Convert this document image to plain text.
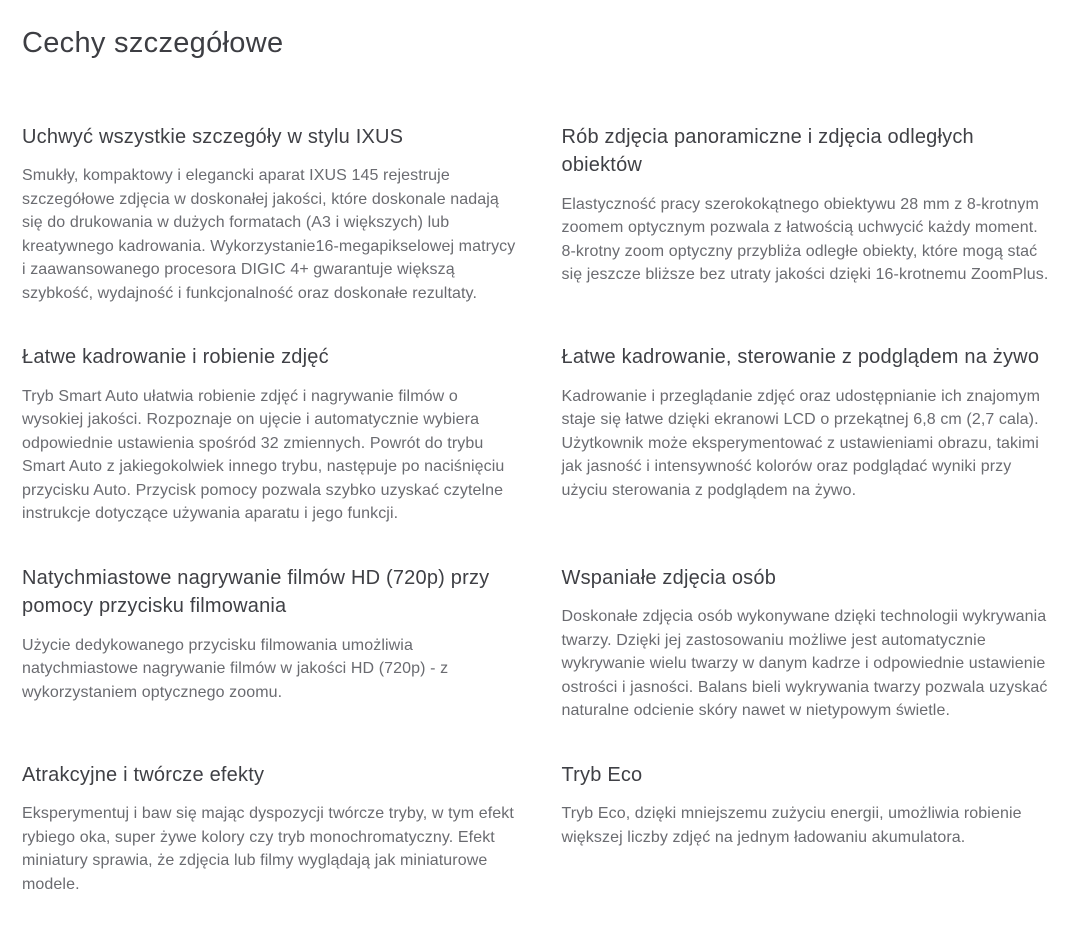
Cechy szczegółowe
Uchwyć wszystkie szczegóły w stylu IXUS

Smukły, kompaktowy i elegancki aparat IXUS 145 rejestruje szczegółowe zdjęcia w doskonałej jakości, które doskonale nadają się do drukowania w dużych formatach (A3 i większych) lub kreatywnego kadrowania. Wykorzystanie16-megapikselowej matrycy i zaawansowanego procesora DIGIC 4+ gwarantuje większą szybkość, wydajność i funkcjonalność oraz doskonałe rezultaty.

Rób zdjęcia panoramiczne i zdjęcia odległych obiektów

Elastyczność pracy szerokokątnego obiektywu 28 mm z 8-krotnym zoomem optycznym pozwala z łatwością uchwycić każdy moment. 8-krotny zoom optyczny przybliża odległe obiekty, które mogą stać się jeszcze bliższe bez utraty jakości dzięki 16-krotnemu ZoomPlus.

Łatwe kadrowanie i robienie zdjęć

Tryb Smart Auto ułatwia robienie zdjęć i nagrywanie filmów o wysokiej jakości. Rozpoznaje on ujęcie i automatycznie wybiera odpowiednie ustawienia spośród 32 zmiennych. Powrót do trybu Smart Auto z jakiegokolwiek innego trybu, następuje po naciśnięciu przycisku Auto. Przycisk pomocy pozwala szybko uzyskać czytelne instrukcje dotyczące używania aparatu i jego funkcji.

Łatwe kadrowanie, sterowanie z podglądem na żywo

Kadrowanie i przeglądanie zdjęć oraz udostępnianie ich znajomym staje się łatwe dzięki ekranowi LCD o przekątnej 6,8 cm (2,7 cala). Użytkownik może eksperymentować z ustawieniami obrazu, takimi jak jasność i intensywność kolorów oraz podglądać wyniki przy użyciu sterowania z podglądem na żywo.

Natychmiastowe nagrywanie filmów HD (720p) przy pomocy przycisku filmowania

Użycie dedykowanego przycisku filmowania umożliwia natychmiastowe nagrywanie filmów w jakości HD (720p) - z wykorzystaniem optycznego zoomu.

Wspaniałe zdjęcia osób

Doskonałe zdjęcia osób wykonywane dzięki technologii wykrywania twarzy. Dzięki jej zastosowaniu możliwe jest automatycznie wykrywanie wielu twarzy w danym kadrze i odpowiednie ustawienie ostrości i jasności. Balans bieli wykrywania twarzy pozwala uzyskać naturalne odcienie skóry nawet w nietypowym świetle.

Atrakcyjne i twórcze efekty

Eksperymentuj i baw się mając dyspozycji twórcze tryby, w tym efekt rybiego oka, super żywe kolory czy tryb monochromatyczny. Efekt miniatury sprawia, że zdjęcia lub filmy wyglądają jak miniaturowe modele.

Tryb Eco

Tryb Eco, dzięki mniejszemu zużyciu energii, umożliwia robienie większej liczby zdjęć na jednym ładowaniu akumulatora.
